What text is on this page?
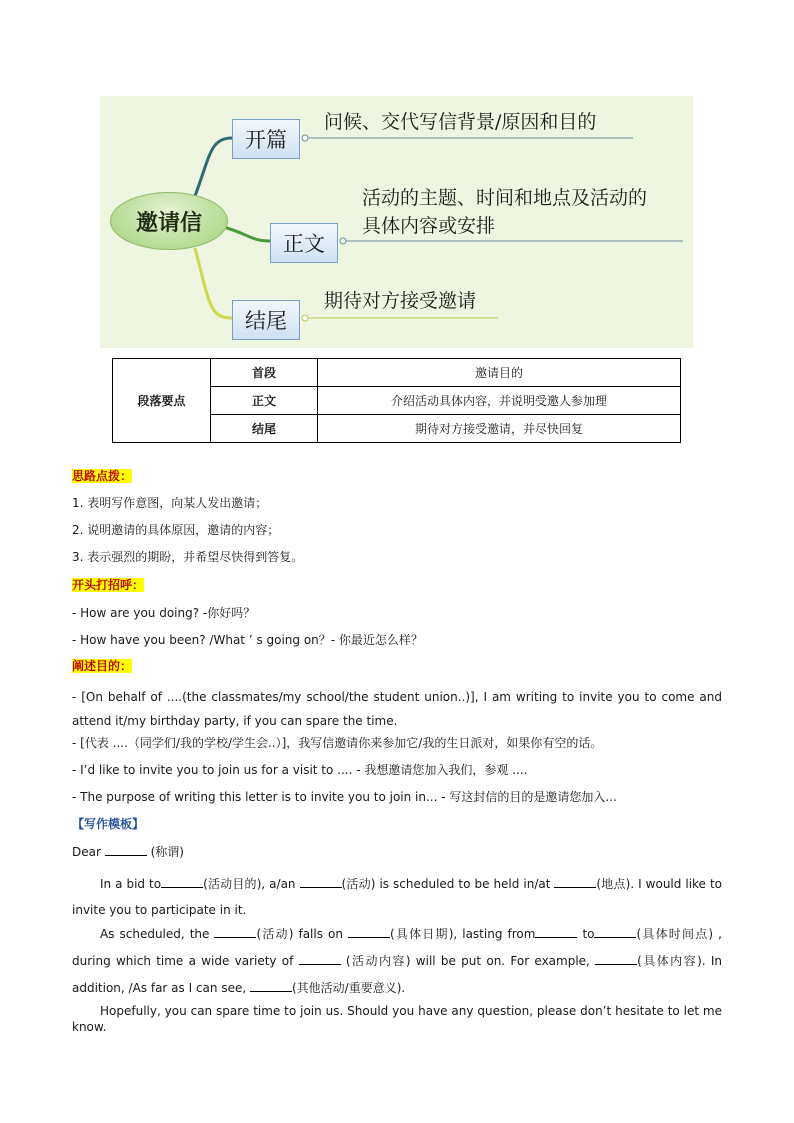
邀请信
开篇
正文
结尾
问候、交代写信背景/原因和目的
活动的主题、时间和地点及活动的
具体内容或安排
期待对方接受邀请
段落要点	首段	邀请目的
	正文	介绍活动具体内容，并说明受邀人参加理
	结尾	期待对方接受邀请，并尽快回复
思路点拨：
1. 表明写作意图，向某人发出邀请；
2. 说明邀请的具体原因，邀请的内容；
3. 表示强烈的期盼，并希望尽快得到答复。
开头打招呼：
- How are you doing? -你好吗？
- How have you been? /What ’ s going on？- 你最近怎么样？
阐述目的：
- [On behalf of ....(the classmates/my school/the student union..)], I am writing to invite you to come and attend it/my birthday party, if you can spare the time.
- [代表 ....（同学们/我的学校/学生会..）]，我写信邀请你来参加它/我的生日派对，如果你有空的话。
- I’d like to invite you to join us for a visit to .... - 我想邀请您加入我们，参观 ....
- The purpose of writing this letter is to invite you to join in... - 写这封信的目的是邀请您加入...
【写作模板】
Dear	(称谓)
In a bid to	(活动目的), a/an	(活动) is scheduled to be held in/at	(地点). I would like to invite you to participate in it.
As scheduled, the	(活动) falls on	(具体日期), lasting from	to	(具体时间点) , during which time a wide variety of	(活动内容) will be put on. For example,	(具体内容). In addition, /As far as I can see,	(其他活动/重要意义).
Hopefully, you can spare time to join us. Should you have any question, please don’t hesitate to let me know.
